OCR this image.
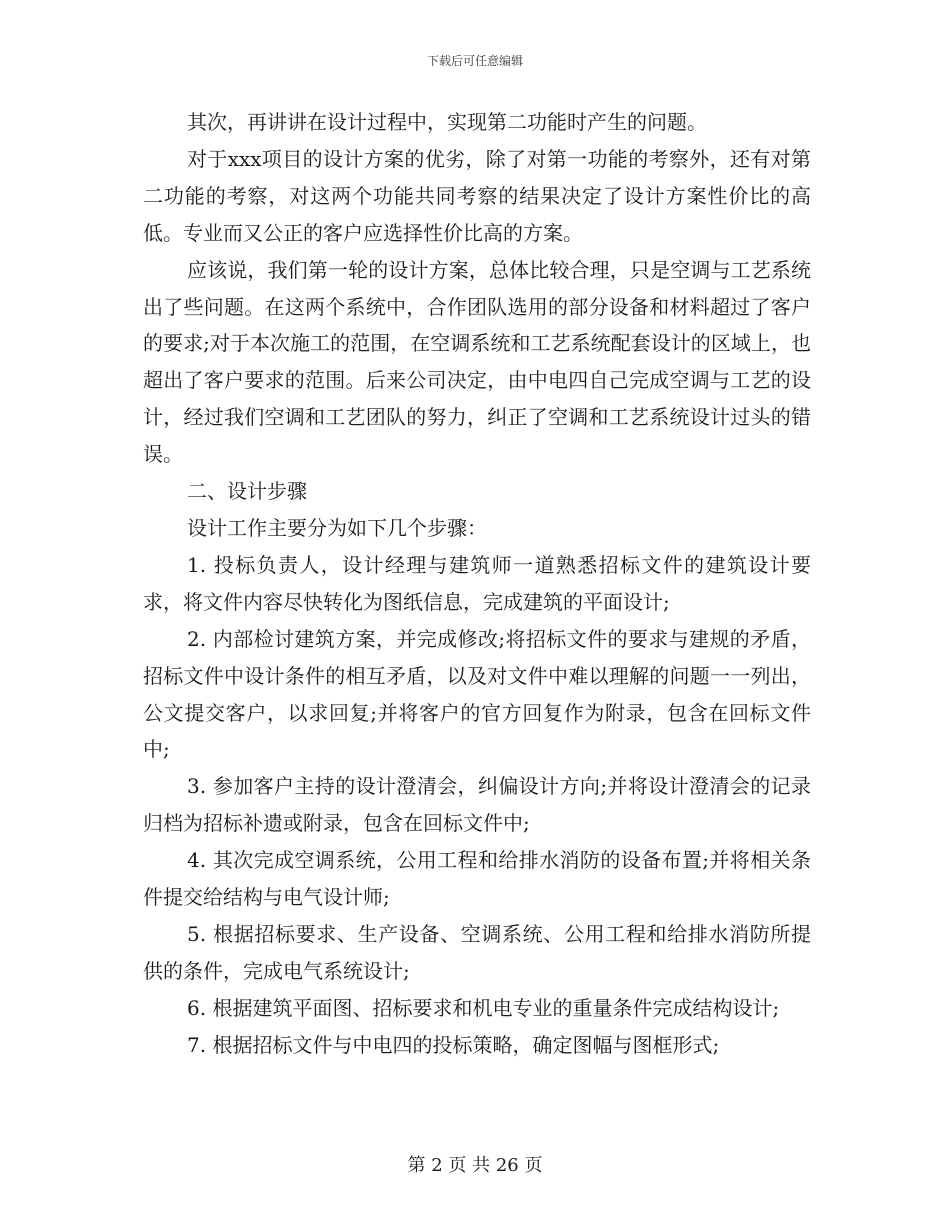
下载后可任意编辑

其次，再讲讲在设计过程中，实现第二功能时产生的问题。

对于xxx项目的设计方案的优劣，除了对第一功能的考察外，还有对第二功能的考察，对这两个功能共同考察的结果决定了设计方案性价比的高低。专业而又公正的客户应选择性价比高的方案。

应该说，我们第一轮的设计方案，总体比较合理，只是空调与工艺系统出了些问题。在这两个系统中，合作团队选用的部分设备和材料超过了客户的要求;对于本次施工的范围，在空调系统和工艺系统配套设计的区域上，也超出了客户要求的范围。后来公司决定，由中电四自己完成空调与工艺的设计，经过我们空调和工艺团队的努力，纠正了空调和工艺系统设计过头的错误。

二、设计步骤

设计工作主要分为如下几个步骤：

1. 投标负责人，设计经理与建筑师一道熟悉招标文件的建筑设计要求，将文件内容尽快转化为图纸信息，完成建筑的平面设计;

2. 内部检讨建筑方案，并完成修改;将招标文件的要求与建规的矛盾，招标文件中设计条件的相互矛盾，以及对文件中难以理解的问题一一列出，公文提交客户，以求回复;并将客户的官方回复作为附录，包含在回标文件中;

3. 参加客户主持的设计澄清会，纠偏设计方向;并将设计澄清会的记录归档为招标补遗或附录，包含在回标文件中;

4. 其次完成空调系统，公用工程和给排水消防的设备布置;并将相关条件提交给结构与电气设计师;

5. 根据招标要求、生产设备、空调系统、公用工程和给排水消防所提供的条件，完成电气系统设计;

6. 根据建筑平面图、招标要求和机电专业的重量条件完成结构设计;

7. 根据招标文件与中电四的投标策略，确定图幅与图框形式;

第 2 页 共 26 页
